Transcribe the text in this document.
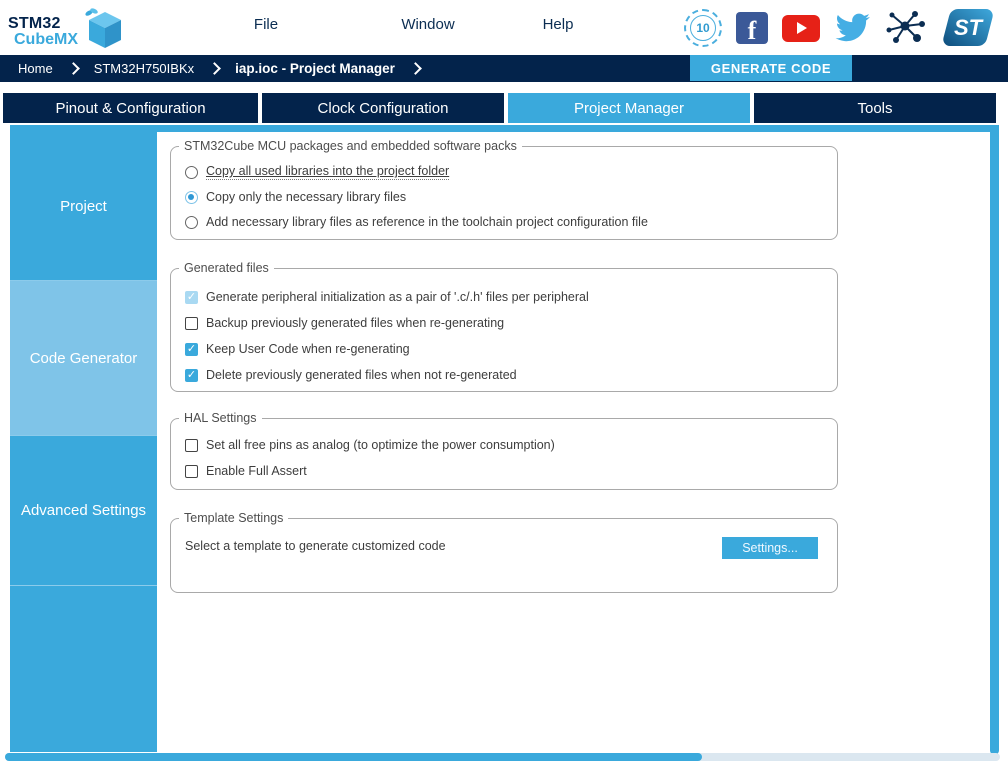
STM32
CubeMX
File	Window	Help	10	f	ST
Home	STM32H750IBKx	iap.ioc - Project Manager	GENERATE CODE
Pinout & Configuration	Clock Configuration	Project Manager	Tools
Project
Code Generator
Advanced Settings
STM32Cube MCU packages and embedded software packs
Copy all used libraries into the project folder
Copy only the necessary library files
Add necessary library files as reference in the toolchain project configuration file
Generated files
✓ Generate peripheral initialization as a pair of '.c/.h' files per peripheral
Backup previously generated files when re-generating
✓ Keep User Code when re-generating
✓ Delete previously generated files when not re-generated
HAL Settings
Set all free pins as analog (to optimize the power consumption)
Enable Full Assert
Template Settings
Select a template to generate customized code	Settings...
